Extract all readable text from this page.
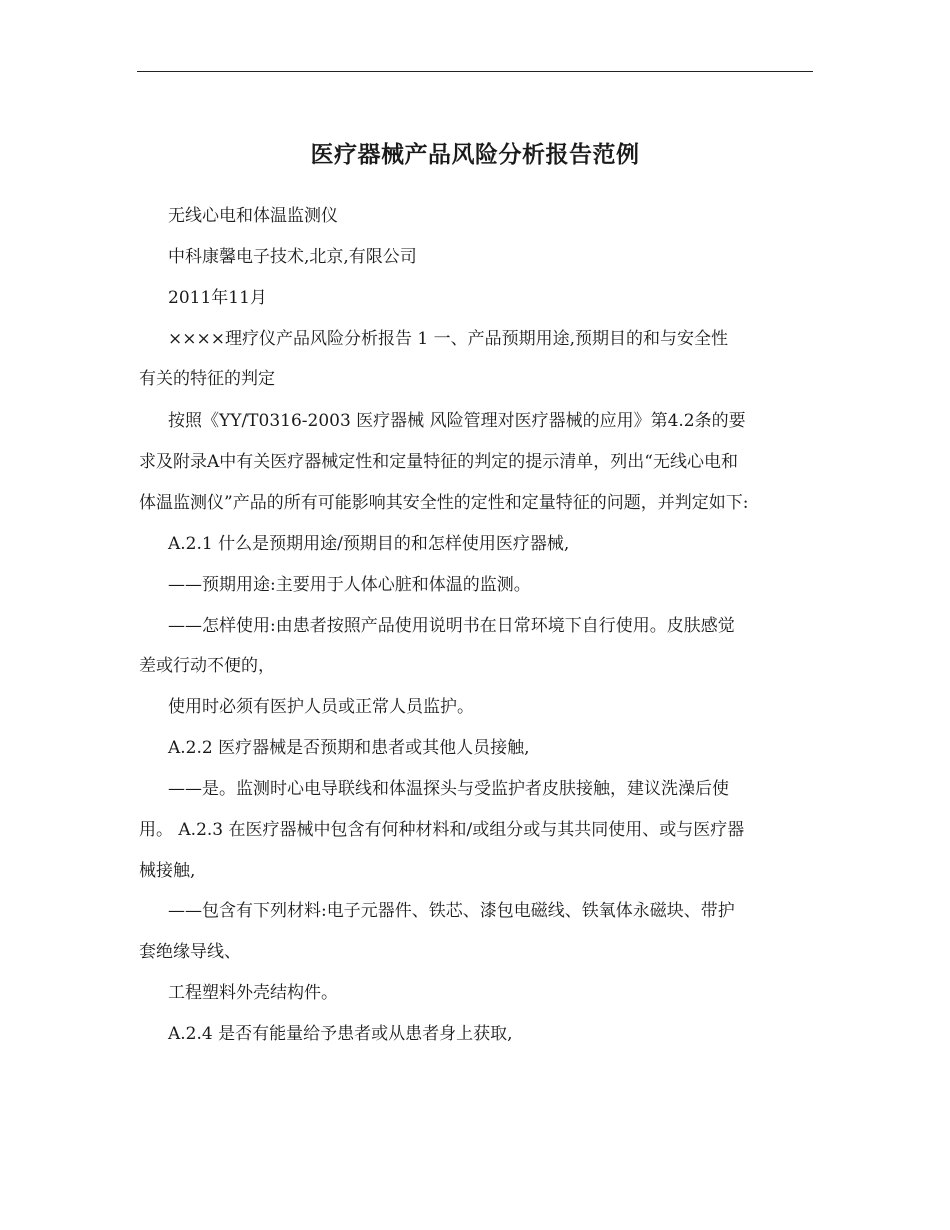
医疗器械产品风险分析报告范例
无线心电和体温监测仪
中科康馨电子技术,北京,有限公司
2011年11月
××××理疗仪产品风险分析报告 1 一、产品预期用途,预期目的和与安全性
有关的特征的判定
按照《YY/T0316-2003 医疗器械 风险管理对医疗器械的应用》第4.2条的要
求及附录A中有关医疗器械定性和定量特征的判定的提示清单，列出“无线心电和
体温监测仪”产品的所有可能影响其安全性的定性和定量特征的问题，并判定如下:
A.2.1 什么是预期用途/预期目的和怎样使用医疗器械,
——预期用途:主要用于人体心脏和体温的监测。
——怎样使用:由患者按照产品使用说明书在日常环境下自行使用。皮肤感觉
差或行动不便的，
使用时必须有医护人员或正常人员监护。
A.2.2 医疗器械是否预期和患者或其他人员接触,
——是。监测时心电导联线和体温探头与受监护者皮肤接触，建议洗澡后使
用。 A.2.3 在医疗器械中包含有何种材料和/或组分或与其共同使用、或与医疗器
械接触,
——包含有下列材料:电子元器件、铁芯、漆包电磁线、铁氧体永磁块、带护
套绝缘导线、
工程塑料外壳结构件。
A.2.4 是否有能量给予患者或从患者身上获取,
